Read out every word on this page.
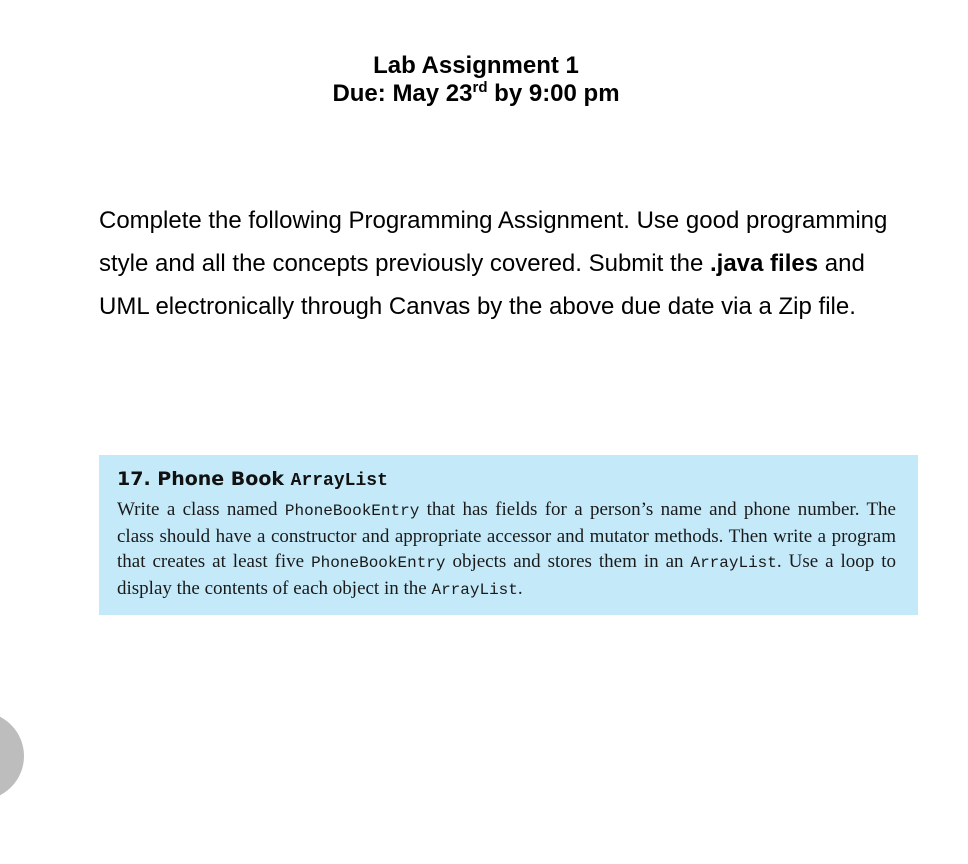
Lab Assignment 1
Due: May 23rd by 9:00 pm
Complete the following Programming Assignment. Use good programming style and all the concepts previously covered. Submit the .java files and UML electronically through Canvas by the above due date via a Zip file.
17. Phone Book ArrayList
Write a class named PhoneBookEntry that has fields for a person’s name and phone number. The class should have a constructor and appropriate accessor and mutator methods. Then write a program that creates at least five PhoneBookEntry objects and stores them in an ArrayList. Use a loop to display the contents of each object in the ArrayList.
